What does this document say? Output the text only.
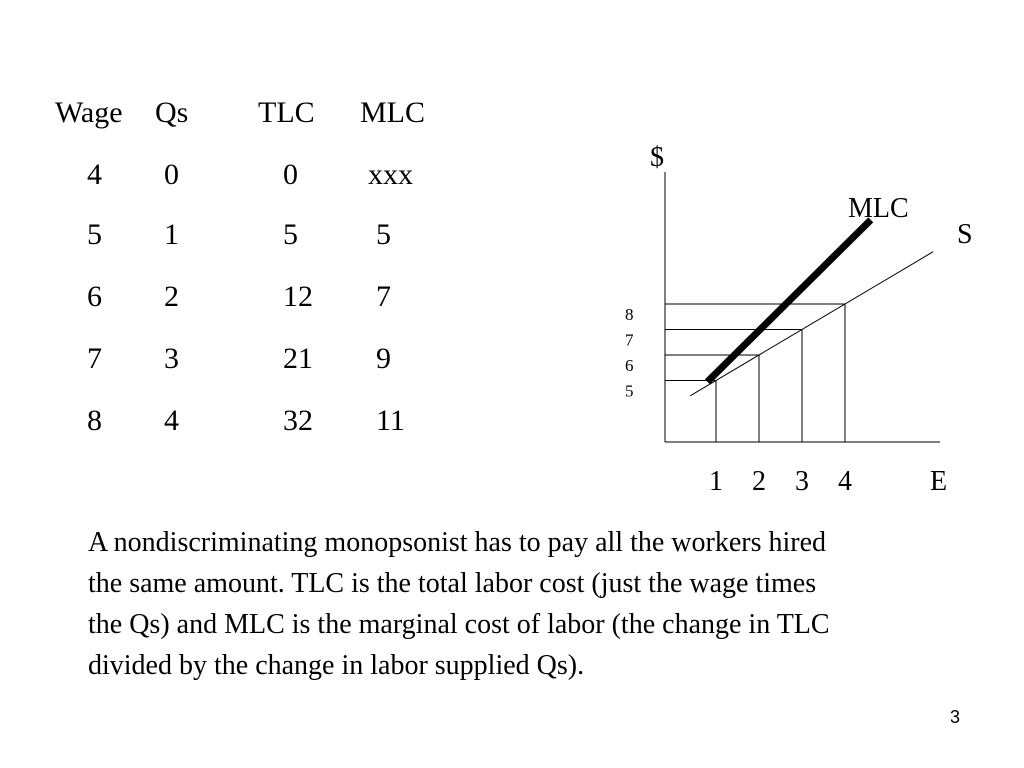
Wage Qs TLC MLC
4 0	0 xxx
5 1	5	5
6 2	12 7
7 3	21 9
8 4	32 11
MLC
S
$
E
5
6
7
8
1 2 3 4
A nondiscriminating monopsonist has to pay all the workers hired the same amount. TLC is the total labor cost (just the wage times the Qs) and MLC is the marginal cost of labor (the change in TLC divided by the change in labor supplied Qs).
3
